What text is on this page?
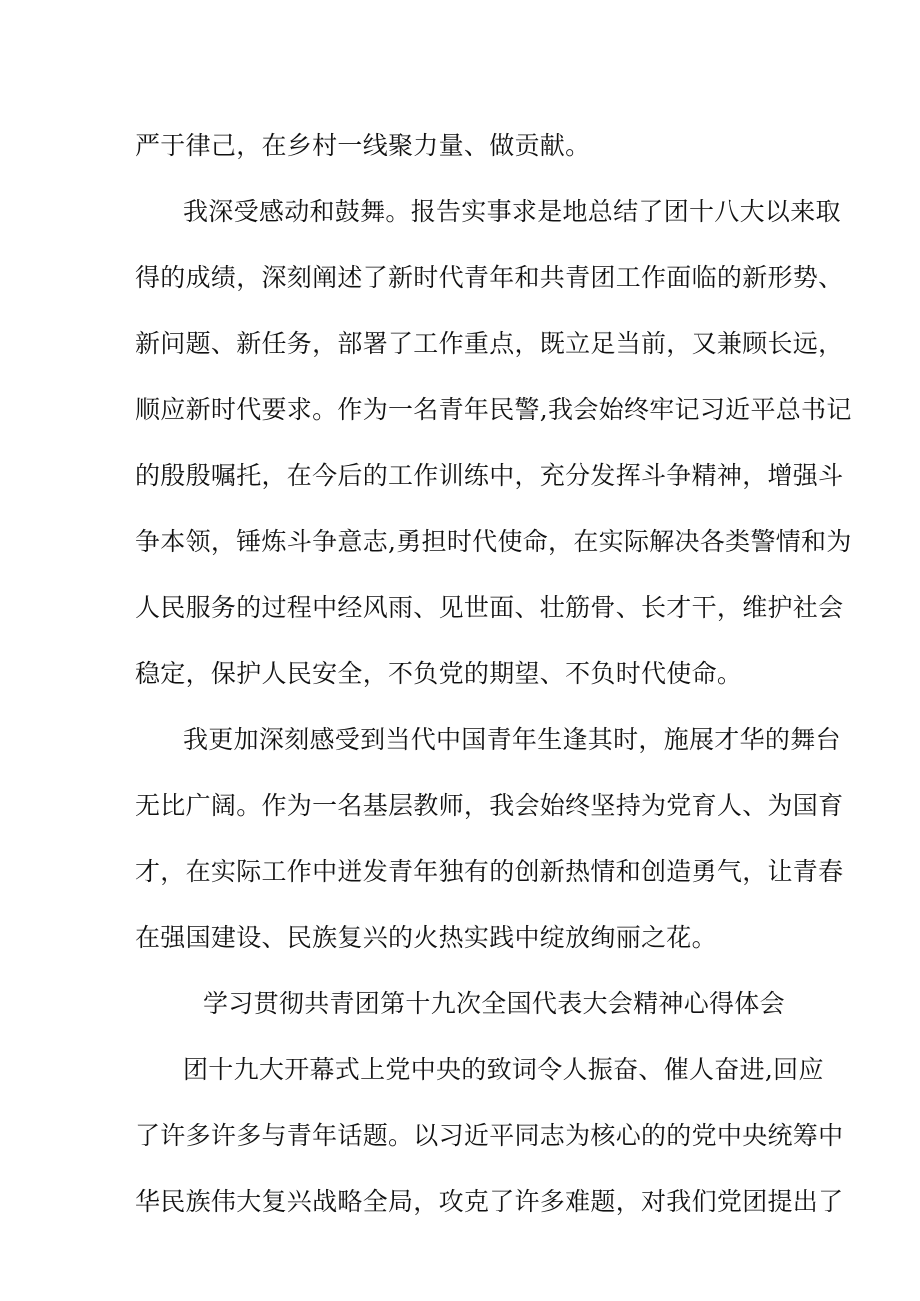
严于律己，在乡村一线聚力量、做贡献。
我深受感动和鼓舞。报告实事求是地总结了团十八大以来取
得的成绩，深刻阐述了新时代青年和共青团工作面临的新形势、
新问题、新任务，部署了工作重点，既立足当前，又兼顾长远，
顺应新时代要求。作为一名青年民警,我会始终牢记习近平总书记
的殷殷嘱托，在今后的工作训练中，充分发挥斗争精神，增强斗
争本领，锤炼斗争意志,勇担时代使命，在实际解决各类警情和为
人民服务的过程中经风雨、见世面、壮筋骨、长才干，维护社会
稳定，保护人民安全，不负党的期望、不负时代使命。
我更加深刻感受到当代中国青年生逢其时，施展才华的舞台
无比广阔。作为一名基层教师，我会始终坚持为党育人、为国育
才，在实际工作中迸发青年独有的创新热情和创造勇气，让青春
在强国建设、民族复兴的火热实践中绽放绚丽之花。
学习贯彻共青团第十九次全国代表大会精神心得体会
团十九大开幕式上党中央的致词令人振奋、催人奋进,回应
了许多许多与青年话题。以习近平同志为核心的的党中央统筹中
华民族伟大复兴战略全局，攻克了许多难题，对我们党团提出了
